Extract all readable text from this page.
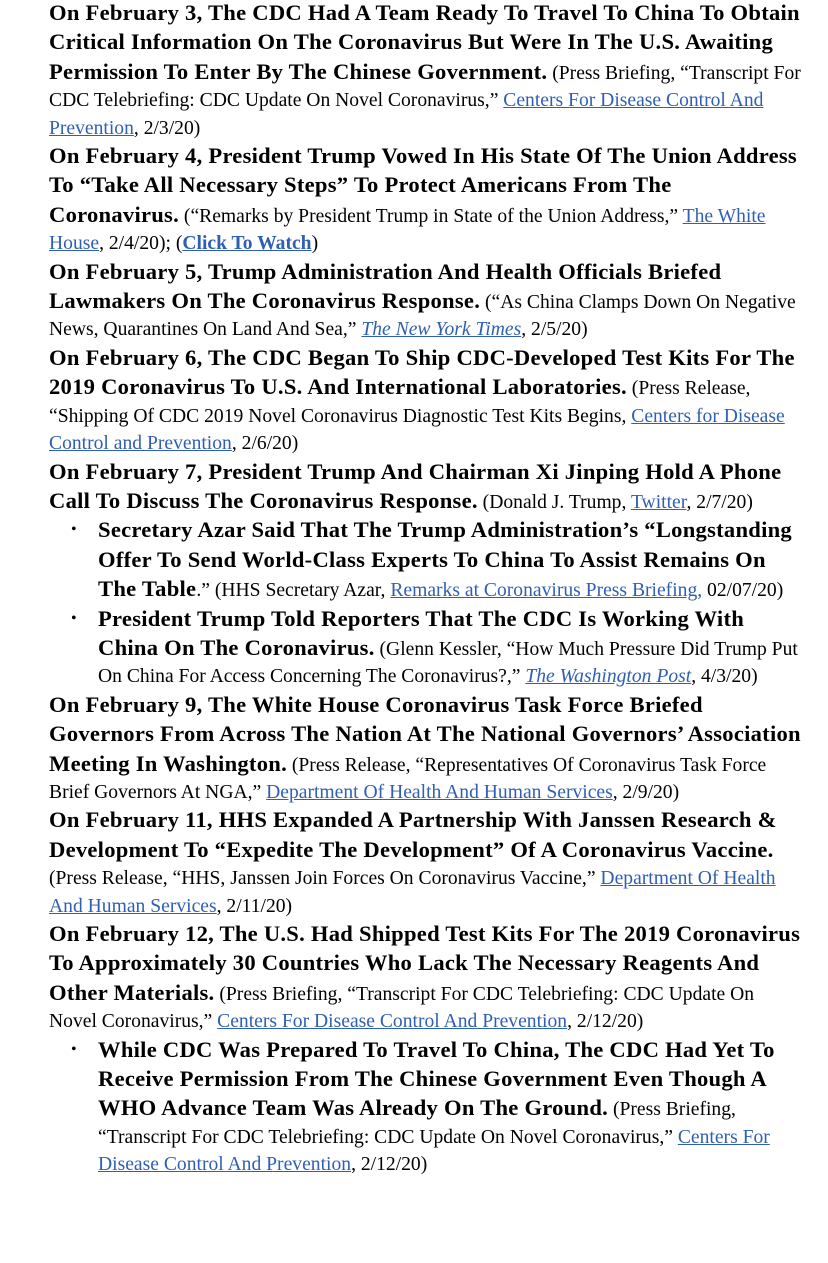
On February 3, The CDC Had A Team Ready To Travel To China To Obtain Critical Information On The Coronavirus But Were In The U.S. Awaiting Permission To Enter By The Chinese Government. (Press Briefing, “Transcript For CDC Telebriefing: CDC Update On Novel Coronavirus,” Centers For Disease Control And Prevention, 2/3/20)

On February 4, President Trump Vowed In His State Of The Union Address To “Take All Necessary Steps” To Protect Americans From The Coronavirus. (“Remarks by President Trump in State of the Union Address,” The White House, 2/4/20); (Click To Watch)

On February 5, Trump Administration And Health Officials Briefed Lawmakers On The Coronavirus Response. (“As China Clamps Down On Negative News, Quarantines On Land And Sea,” The New York Times, 2/5/20)

On February 6, The CDC Began To Ship CDC-Developed Test Kits For The 2019 Coronavirus To U.S. And International Laboratories. (Press Release, “Shipping Of CDC 2019 Novel Coronavirus Diagnostic Test Kits Begins, Centers for Disease Control and Prevention, 2/6/20)

On February 7, President Trump And Chairman Xi Jinping Hold A Phone Call To Discuss The Coronavirus Response. (Donald J. Trump, Twitter, 2/7/20)

• Secretary Azar Said That The Trump Administration’s “Longstanding Offer To Send World-Class Experts To China To Assist Remains On The Table.” (HHS Secretary Azar, Remarks at Coronavirus Press Briefing, 02/07/20)

• President Trump Told Reporters That The CDC Is Working With China On The Coronavirus. (Glenn Kessler, “How Much Pressure Did Trump Put On China For Access Concerning The Coronavirus?,” The Washington Post, 4/3/20)

On February 9, The White House Coronavirus Task Force Briefed Governors From Across The Nation At The National Governors’ Association Meeting In Washington. (Press Release, “Representatives Of Coronavirus Task Force Brief Governors At NGA,” Department Of Health And Human Services, 2/9/20)

On February 11, HHS Expanded A Partnership With Janssen Research & Development To “Expedite The Development” Of A Coronavirus Vaccine.(Press Release, “HHS, Janssen Join Forces On Coronavirus Vaccine,” Department Of Health And Human Services, 2/11/20)

On February 12, The U.S. Had Shipped Test Kits For The 2019 Coronavirus To Approximately 30 Countries Who Lack The Necessary Reagents And Other Materials. (Press Briefing, “Transcript For CDC Telebriefing: CDC Update On Novel Coronavirus,” Centers For Disease Control And Prevention, 2/12/20)

• While CDC Was Prepared To Travel To China, The CDC Had Yet To Receive Permission From The Chinese Government Even Though A WHO Advance Team Was Already On The Ground. (Press Briefing, “Transcript For CDC Telebriefing: CDC Update On Novel Coronavirus,” Centers For Disease Control And Prevention, 2/12/20)
